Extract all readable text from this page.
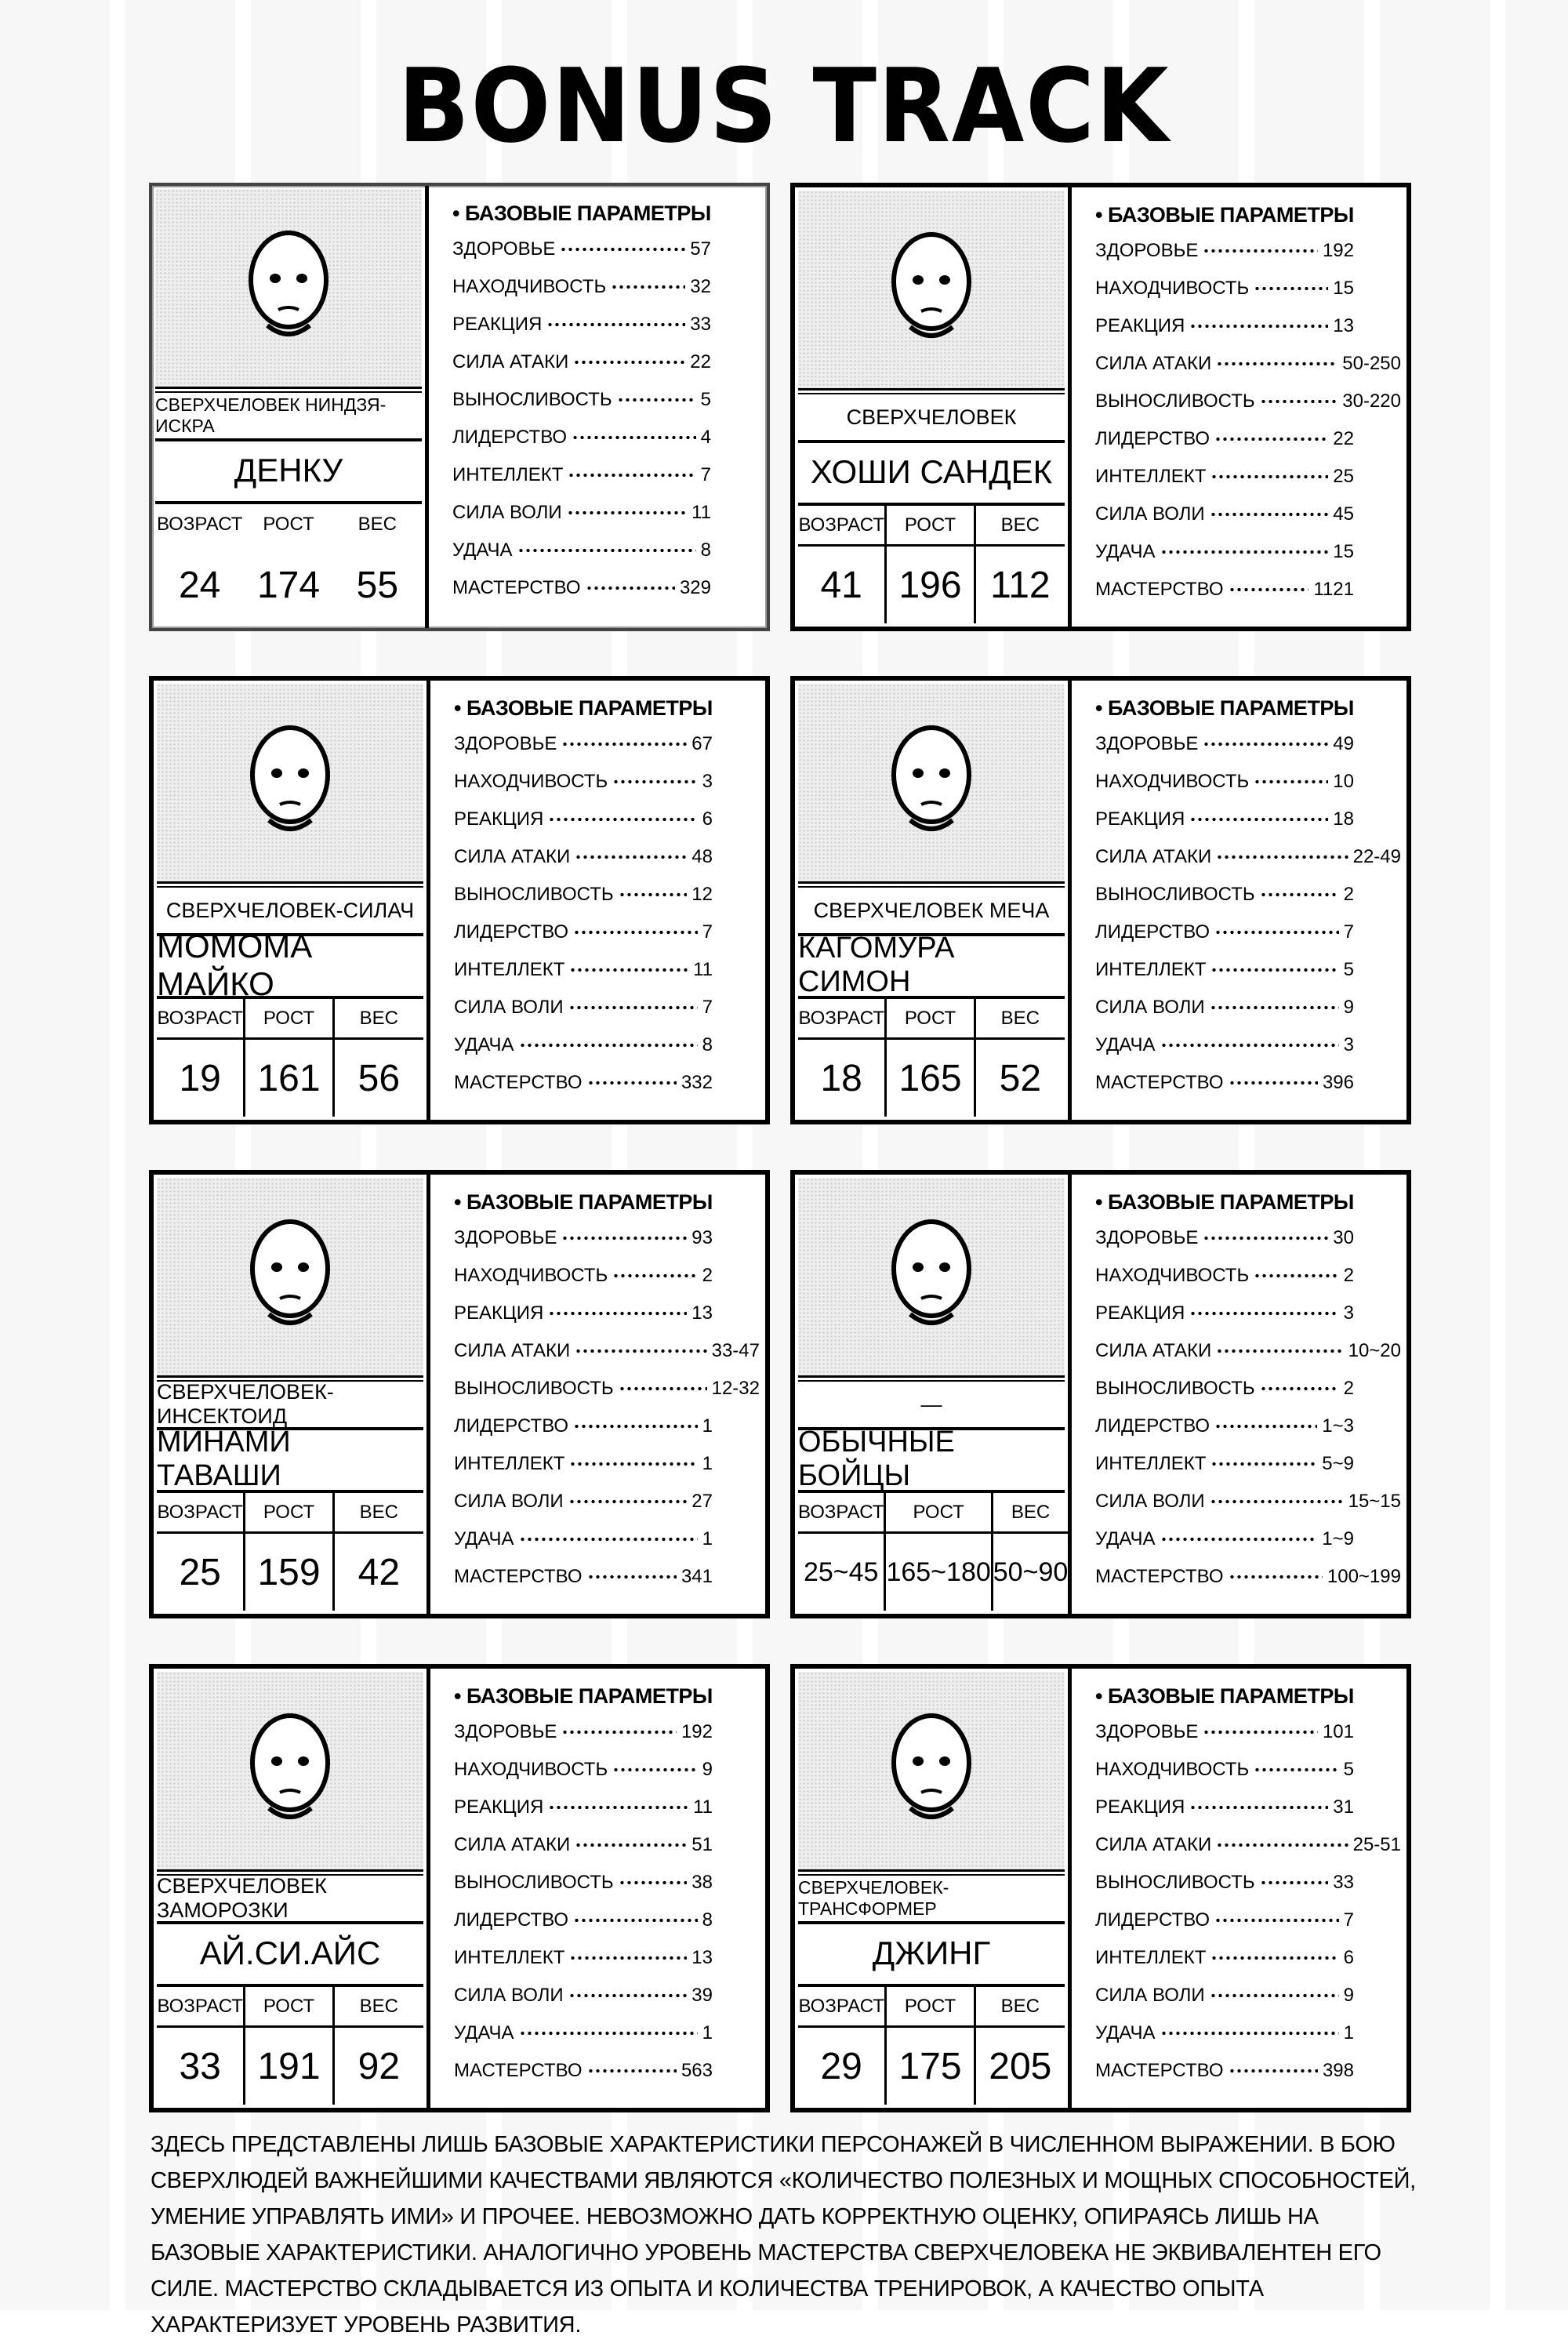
BONUS TRACK
СВЕРХЧЕЛОВЕК НИНДЗЯ-ИСКРА
ДЕНКУ
ВОЗРАСТ	РОСТ	ВЕС
24 174 55
• БАЗОВЫЕ ПАРАМЕТРЫ
ЗДОРОВЬЕ	57
НАХОДЧИВОСТЬ	32
РЕАКЦИЯ	33
СИЛА АТАКИ	22
ВЫНОСЛИВОСТЬ	5
ЛИДЕРСТВО	4
ИНТЕЛЛЕКТ	7
СИЛА ВОЛИ	11
УДАЧА	8
МАСТЕРСТВО	329
СВЕРХЧЕЛОВЕК
ХОШИ САНДЕК
ВОЗРАСТ	РОСТ	ВЕС
41 196 112
• БАЗОВЫЕ ПАРАМЕТРЫ
ЗДОРОВЬЕ	192
НАХОДЧИВОСТЬ	15
РЕАКЦИЯ	13
СИЛА АТАКИ	50-250
ВЫНОСЛИВОСТЬ	30-220
ЛИДЕРСТВО	22
ИНТЕЛЛЕКТ	25
СИЛА ВОЛИ	45
УДАЧА	15
МАСТЕРСТВО	1121
СВЕРХЧЕЛОВЕК-СИЛАЧ
МОМОМА МАЙКО
ВОЗРАСТ	РОСТ	ВЕС
19 161	56
• БАЗОВЫЕ ПАРАМЕТРЫ
ЗДОРОВЬЕ	67
НАХОДЧИВОСТЬ	3
РЕАКЦИЯ	6
СИЛА АТАКИ	48
ВЫНОСЛИВОСТЬ	12
ЛИДЕРСТВО	7
ИНТЕЛЛЕКТ	11
СИЛА ВОЛИ	7
УДАЧА	8
МАСТЕРСТВО	332
СВЕРХЧЕЛОВЕК МЕЧА
КАГОМУРА СИМОН
ВОЗРАСТ	РОСТ	ВЕС
18 165	52
• БАЗОВЫЕ ПАРАМЕТРЫ
ЗДОРОВЬЕ	49
НАХОДЧИВОСТЬ	10
РЕАКЦИЯ	18
СИЛА АТАКИ	22-49
ВЫНОСЛИВОСТЬ	2
ЛИДЕРСТВО	7
ИНТЕЛЛЕКТ	5
СИЛА ВОЛИ	9
УДАЧА	3
МАСТЕРСТВО	396
СВЕРХЧЕЛОВЕК-ИНСЕКТОИД
МИНАМИ ТАВАШИ
ВОЗРАСТ	РОСТ	ВЕС
25 159	42
• БАЗОВЫЕ ПАРАМЕТРЫ
ЗДОРОВЬЕ	93
НАХОДЧИВОСТЬ	2
РЕАКЦИЯ	13
СИЛА АТАКИ	33-47
ВЫНОСЛИВОСТЬ	12-32
ЛИДЕРСТВО	1
ИНТЕЛЛЕКТ	1
СИЛА ВОЛИ	27
УДАЧА	1
МАСТЕРСТВО	341
—
ОБЫЧНЫЕ БОЙЦЫ
ВОЗРАСТ	РОСТ	ВЕС
25~45 165~180 50~90
• БАЗОВЫЕ ПАРАМЕТРЫ
ЗДОРОВЬЕ	30
НАХОДЧИВОСТЬ	2
РЕАКЦИЯ	3
СИЛА АТАКИ	10~20
ВЫНОСЛИВОСТЬ	2
ЛИДЕРСТВО	1~3
ИНТЕЛЛЕКТ	5~9
СИЛА ВОЛИ	15~15
УДАЧА	1~9
МАСТЕРСТВО	100~199
СВЕРХЧЕЛОВЕК ЗАМОРОЗКИ
АЙ.СИ.АЙС
ВОЗРАСТ	РОСТ	ВЕС
33 191	92
• БАЗОВЫЕ ПАРАМЕТРЫ
ЗДОРОВЬЕ	192
НАХОДЧИВОСТЬ	9
РЕАКЦИЯ	11
СИЛА АТАКИ	51
ВЫНОСЛИВОСТЬ	38
ЛИДЕРСТВО	8
ИНТЕЛЛЕКТ	13
СИЛА ВОЛИ	39
УДАЧА	1
МАСТЕРСТВО	563
СВЕРХЧЕЛОВЕК-ТРАНСФОРМЕР
ДЖИНГ
ВОЗРАСТ	РОСТ	ВЕС
29 175 205
• БАЗОВЫЕ ПАРАМЕТРЫ
ЗДОРОВЬЕ	101
НАХОДЧИВОСТЬ	5
РЕАКЦИЯ	31
СИЛА АТАКИ	25-51
ВЫНОСЛИВОСТЬ	33
ЛИДЕРСТВО	7
ИНТЕЛЛЕКТ	6
СИЛА ВОЛИ	9
УДАЧА	1
МАСТЕРСТВО	398
ЗДЕСЬ ПРЕДСТАВЛЕНЫ ЛИШЬ БАЗОВЫЕ ХАРАКТЕРИСТИКИ ПЕРСОНАЖЕЙ В ЧИСЛЕННОМ ВЫРАЖЕНИИ. В БОЮ СВЕРХЛЮДЕЙ ВАЖНЕЙШИМИ КАЧЕСТВАМИ ЯВЛЯЮТСЯ «КОЛИЧЕСТВО ПОЛЕЗНЫХ И МОЩНЫХ СПОСОБНОСТЕЙ, УМЕНИЕ УПРАВЛЯТЬ ИМИ» И ПРОЧЕЕ. НЕВОЗМОЖНО ДАТЬ КОРРЕКТНУЮ ОЦЕНКУ, ОПИРАЯСЬ ЛИШЬ НА БАЗОВЫЕ ХАРАКТЕРИСТИКИ. АНАЛОГИЧНО УРОВЕНЬ МАСТЕРСТВА СВЕРХЧЕЛОВЕКА НЕ ЭКВИВАЛЕНТЕН ЕГО СИЛЕ. МАСТЕРСТВО СКЛАДЫВАЕТСЯ ИЗ ОПЫТА И КОЛИЧЕСТВА ТРЕНИРОВОК, А КАЧЕСТВО ОПЫТА ХАРАКТЕРИЗУЕТ УРОВЕНЬ РАЗВИТИЯ.
